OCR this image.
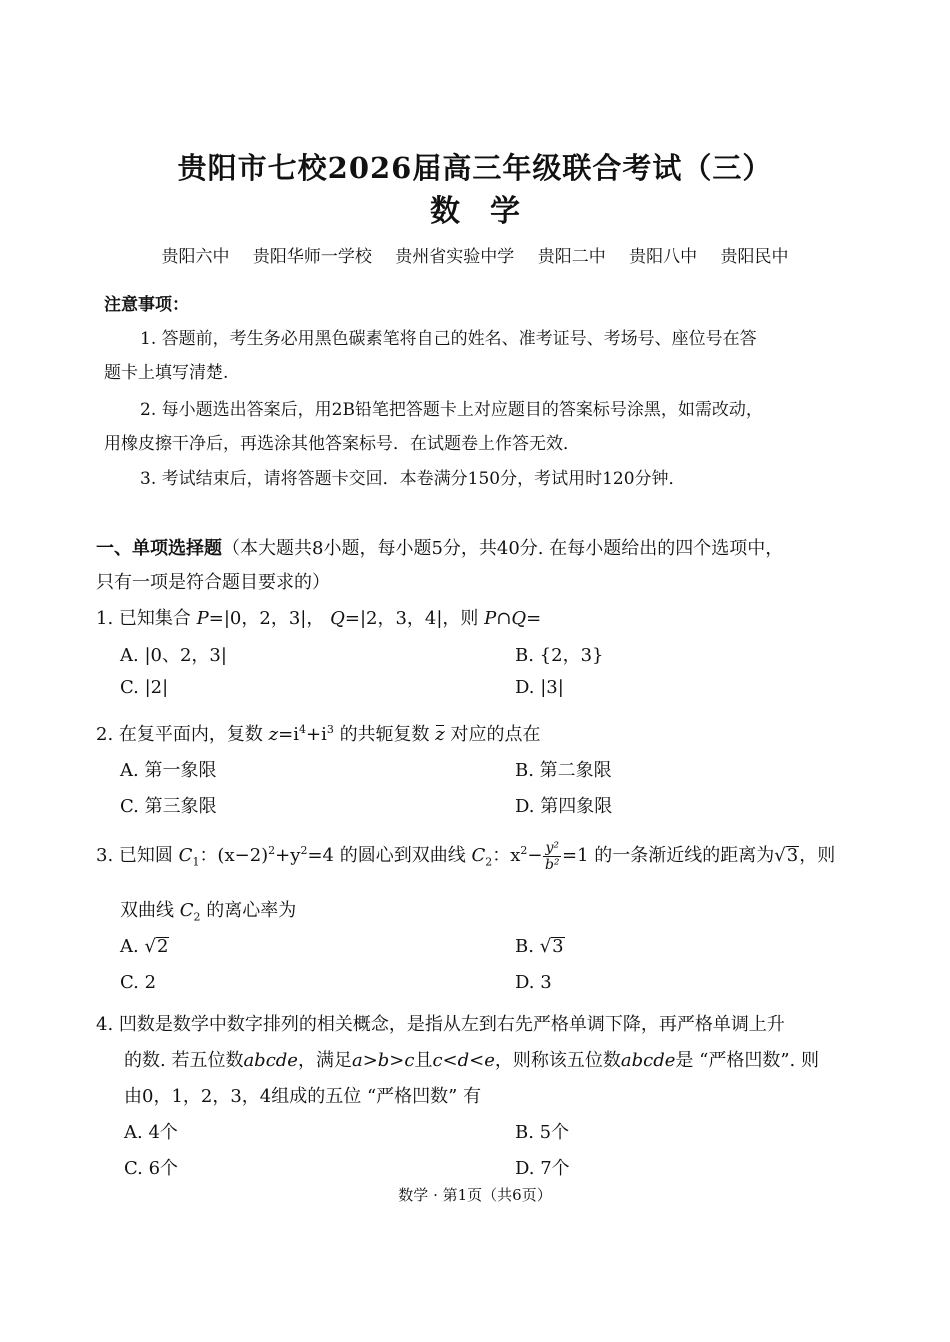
贵阳市七校2026届高三年级联合考试（三）
数学
贵阳六中 贵阳华师一学校 贵州省实验中学 贵阳二中 贵阳八中 贵阳民中
注意事项：
1. 答题前，考生务必用黑色碳素笔将自己的姓名、准考证号、考场号、座位号在答
题卡上填写清楚.
2. 每小题选出答案后，用2B铅笔把答题卡上对应题目的答案标号涂黑，如需改动，
用橡皮擦干净后，再选涂其他答案标号．在试题卷上作答无效．
3. 考试结束后，请将答题卡交回．本卷满分150分，考试用时120分钟．
一、单项选择题（本大题共8小题，每小题5分，共40分. 在每小题给出的四个选项中，
只有一项是符合题目要求的）
1. 已知集合 P=|0，2，3|， Q=|2，3，4|，则 P∩Q=
A. |0、2，3|	B. {2，3}
C. |2|	D. |3|
2. 在复平面内，复数 $z=i^4+i^3$ 的共轭复数 z 对应的点在
A. 第一象限	B. 第二象限
C. 第三象限	D. 第四象限
3. 已知圆 $C_1$：$(x-2)^2+y^2=4$ 的圆心到双曲线 $C_2$：$x^2- \frac{\text{y²}}{\text{b²}} =1$ 的一条渐近线的距离为√3，则
双曲线 $C_2$ 的离心率为
A. √2	B. √3
C. 2	D. 3
4. 凹数是数学中数字排列的相关概念，是指从左到右先严格单调下降，再严格单调上升
的数. 若五位数abcde，满足a>b>c且c<d<e，则称该五位数abcde是 “严格凹数”. 则
由0，1，2，3，4组成的五位 “严格凹数” 有
A. 4个	B. 5个
C. 6个	D. 7个
数学 · 第1页（共6页）
